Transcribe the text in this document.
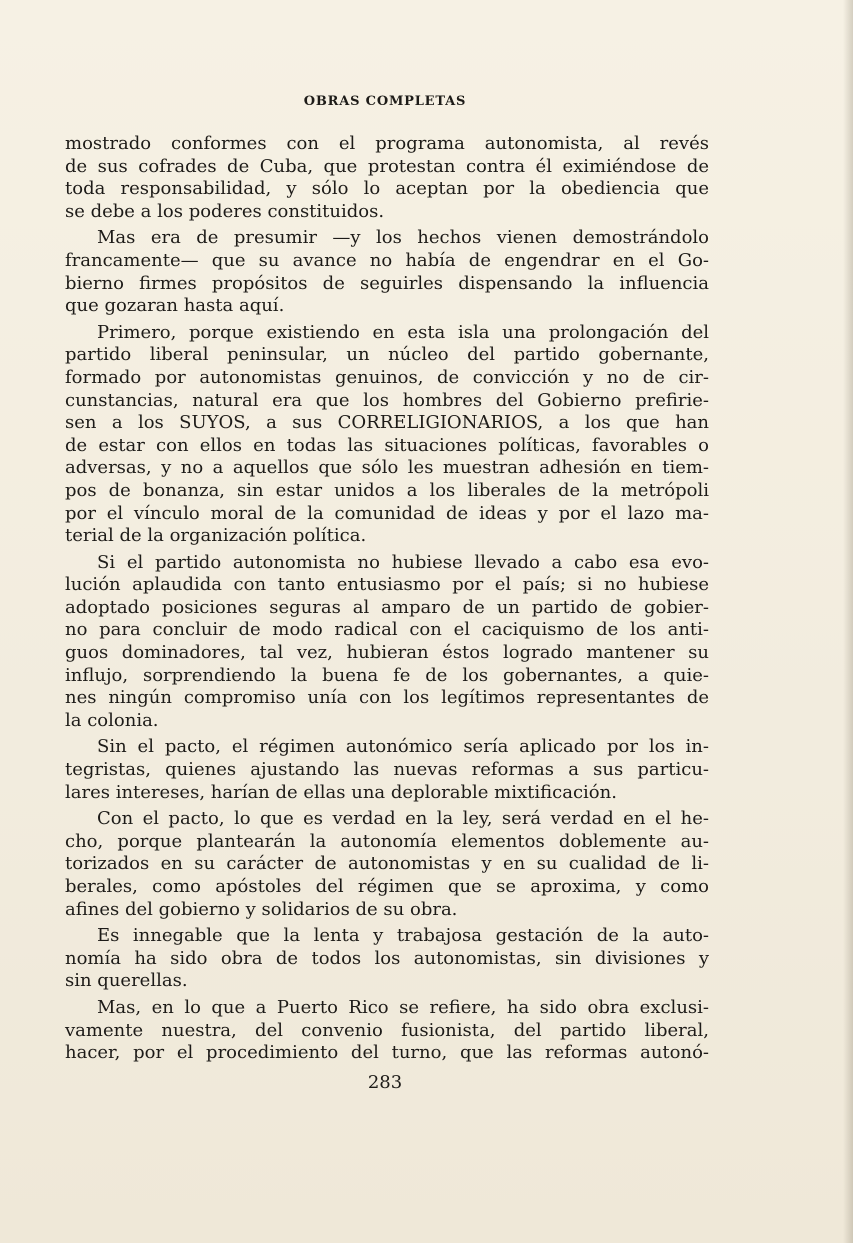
OBRAS COMPLETAS
mostrado conformes con el programa autonomista, al revés
de sus cofrades de Cuba, que protestan contra él eximiéndose de
toda responsabilidad, y sólo lo aceptan por la obediencia que
se debe a los poderes constituidos.
Mas era de presumir —y los hechos vienen demostrándolo
francamente— que su avance no había de engendrar en el Go-
bierno firmes propósitos de seguirles dispensando la influencia
que gozaran hasta aquí.
Primero, porque existiendo en esta isla una prolongación del
partido liberal peninsular, un núcleo del partido gobernante,
formado por autonomistas genuinos, de convicción y no de cir-
cunstancias, natural era que los hombres del Gobierno prefirie-
sen a los SUYOS, a sus CORRELIGIONARIOS, a los que han
de estar con ellos en todas las situaciones políticas, favorables o
adversas, y no a aquellos que sólo les muestran adhesión en tiem-
pos de bonanza, sin estar unidos a los liberales de la metrópoli
por el vínculo moral de la comunidad de ideas y por el lazo ma-
terial de la organización política.
Si el partido autonomista no hubiese llevado a cabo esa evo-
lución aplaudida con tanto entusiasmo por el país; si no hubiese
adoptado posiciones seguras al amparo de un partido de gobier-
no para concluir de modo radical con el caciquismo de los anti-
guos dominadores, tal vez, hubieran éstos logrado mantener su
influjo, sorprendiendo la buena fe de los gobernantes, a quie-
nes ningún compromiso unía con los legítimos representantes de
la colonia.
Sin el pacto, el régimen autonómico sería aplicado por los in-
tegristas, quienes ajustando las nuevas reformas a sus particu-
lares intereses, harían de ellas una deplorable mixtificación.
Con el pacto, lo que es verdad en la ley, será verdad en el he-
cho, porque plantearán la autonomía elementos doblemente au-
torizados en su carácter de autonomistas y en su cualidad de li-
berales, como apóstoles del régimen que se aproxima, y como
afines del gobierno y solidarios de su obra.
Es innegable que la lenta y trabajosa gestación de la auto-
nomía ha sido obra de todos los autonomistas, sin divisiones y
sin querellas.
Mas, en lo que a Puerto Rico se refiere, ha sido obra exclusi-
vamente nuestra, del convenio fusionista, del partido liberal,
hacer, por el procedimiento del turno, que las reformas autonó-
283
